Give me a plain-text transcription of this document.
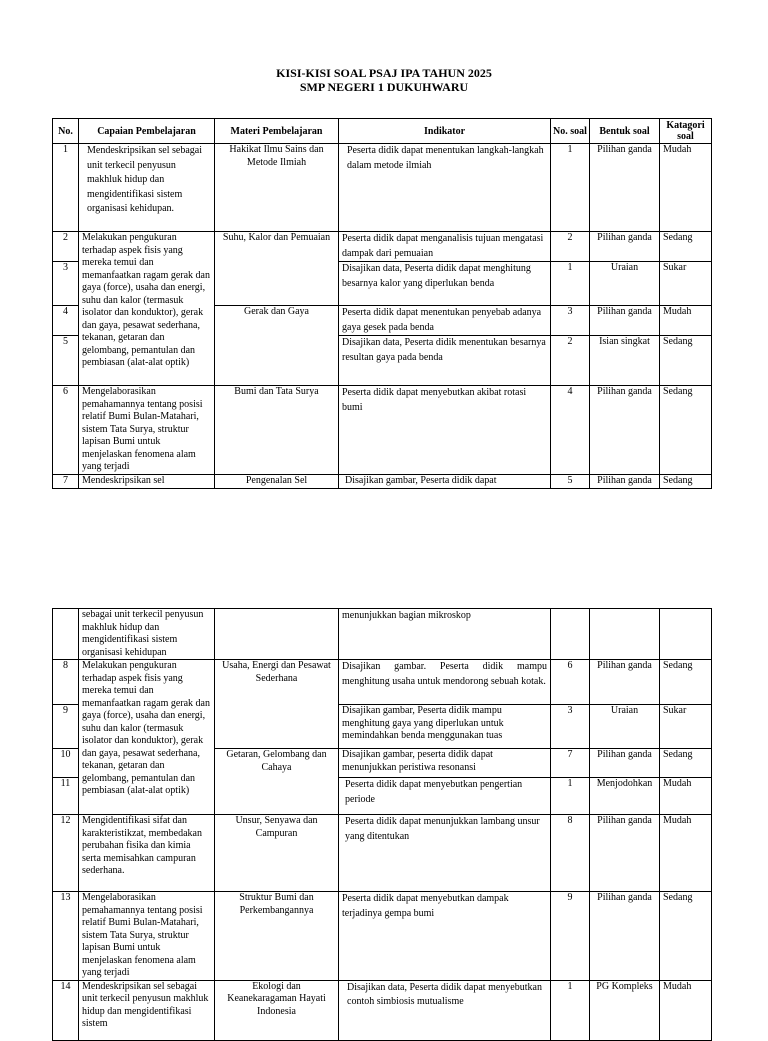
KISI-KISI SOAL PSAJ IPA TAHUN 2025
SMP NEGERI 1 DUKUHWARU
No.	Capaian Pembelajaran	Materi Pembelajaran	Indikator	No. soal	Bentuk soal	Katagori soal
1	Mendeskripsikan sel sebagai unit terkecil penyusun makhluk hidup dan mengidentifikasi sistem organisasi kehidupan.	Hakikat Ilmu Sains dan Metode Ilmiah	Peserta didik dapat menentukan langkah-langkah dalam metode ilmiah	1	Pilihan ganda	Mudah
2	Melakukan pengukuran terhadap aspek fisis yang mereka temui dan memanfaatkan ragam gerak dan gaya (force), usaha dan energi, suhu dan kalor (termasuk isolator dan konduktor), gerak dan gaya, pesawat sederhana, tekanan, getaran dan gelombang, pemantulan dan pembiasan (alat-alat optik)	Suhu, Kalor dan Pemuaian	Peserta didik dapat menganalisis tujuan mengatasi dampak dari pemuaian	2	Pilihan ganda	Sedang
3			Disajikan data, Peserta didik dapat menghitung besarnya kalor yang diperlukan benda	1	Uraian	Sukar
4		Gerak dan Gaya	Peserta didik dapat menentukan penyebab adanya gaya gesek pada benda	3	Pilihan ganda	Mudah
5			Disajikan data, Peserta didik menentukan besarnya resultan gaya pada benda	2	Isian singkat	Sedang
6	Mengelaborasikan pemahamannya tentang posisi relatif Bumi Bulan-Matahari, sistem Tata Surya, struktur lapisan Bumi untuk menjelaskan fenomena alam yang terjadi	Bumi dan Tata Surya	Peserta didik dapat menyebutkan akibat rotasi bumi	4	Pilihan ganda	Sedang
7	Mendeskripsikan sel	Pengenalan Sel	Disajikan gambar, Peserta didik dapat	5	Pilihan ganda	Sedang
	sebagai unit terkecil penyusun makhluk hidup dan mengidentifikasi sistem organisasi kehidupan		menunjukkan bagian mikroskop			
8	Melakukan pengukuran terhadap aspek fisis yang mereka temui dan memanfaatkan ragam gerak dan gaya (force), usaha dan energi, suhu dan kalor (termasuk isolator dan konduktor), gerak dan gaya, pesawat sederhana, tekanan, getaran dan gelombang, pemantulan dan pembiasan (alat-alat optik)	Usaha, Energi dan Pesawat Sederhana	Disajikan gambar. Peserta didik mampu menghitung usaha untuk mendorong sebuah kotak.	6	Pilihan ganda	Sedang
9			Disajikan gambar, Peserta didik mampu menghitung gaya yang diperlukan untuk memindahkan benda menggunakan tuas	3	Uraian	Sukar
10		Getaran, Gelombang dan Cahaya	Disajikan gambar, peserta didik dapat menunjukkan peristiwa resonansi	7	Pilihan ganda	Sedang
11			Peserta didik dapat menyebutkan pengertian periode	1	Menjodohkan	Mudah
12	Mengidentifikasi sifat dan karakteristikzat, membedakan perubahan fisika dan kimia serta memisahkan campuran sederhana.	Unsur, Senyawa dan Campuran	Peserta didik dapat menunjukkan lambang unsur yang ditentukan	8	Pilihan ganda	Mudah
13	Mengelaborasikan pemahamannya tentang posisi relatif Bumi Bulan-Matahari, sistem Tata Surya, struktur lapisan Bumi untuk menjelaskan fenomena alam yang terjadi	Struktur Bumi dan Perkembangannya	Peserta didik dapat menyebutkan dampak terjadinya gempa bumi	9	Pilihan ganda	Sedang
14	Mendeskripsikan sel sebagai unit terkecil penyusun makhluk hidup dan mengidentifikasi sistem	Ekologi dan Keanekaragaman Hayati Indonesia	Disajikan data, Peserta didik dapat menyebutkan contoh simbiosis mutualisme	1	PG Kompleks	Mudah
